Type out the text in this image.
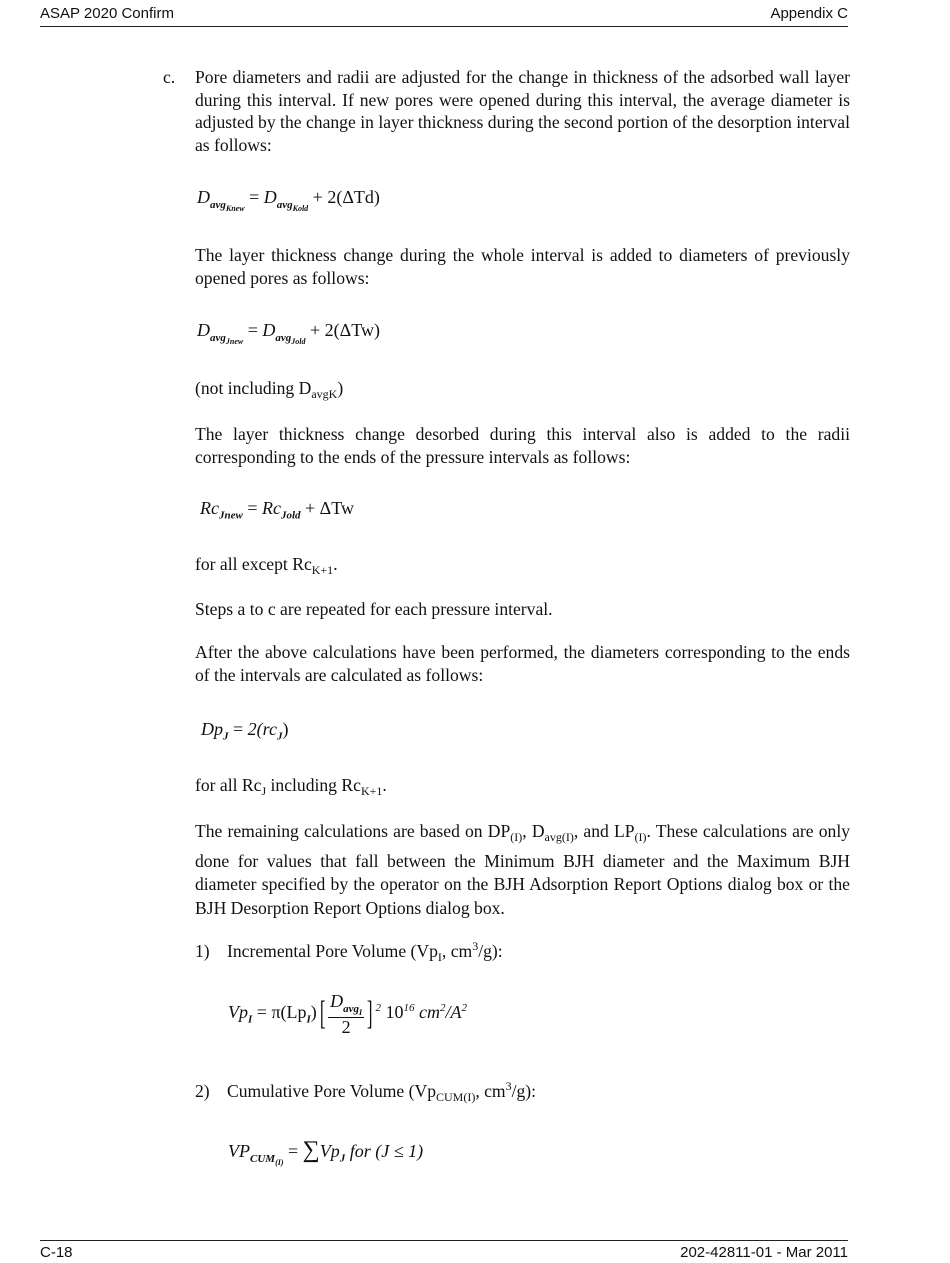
ASAP 2020 Confirm	Appendix C
c. Pore diameters and radii are adjusted for the change in thickness of the adsorbed wall layer during this interval. If new pores were opened during this interval, the average diameter is adjusted by the change in layer thickness during the second portion of the desorption interval as follows:
$D_{avg_{Knew}} = D_{avg_{Kold}} + 2(\Delta Td)$
The layer thickness change during the whole interval is added to diameters of previously opened pores as follows:
$D_{avg_{Jnew}} = D_{avg_{Jold}} + 2(\Delta Tw)$
(not including $D_{avgK}$)
The layer thickness change desorbed during this interval also is added to the radii corresponding to the ends of the pressure intervals as follows:
$Rc_{Jnew} = Rc_{Jold} + \Delta Tw$
for all except $Rc_{K+1}$.
Steps a to c are repeated for each pressure interval.
After the above calculations have been performed, the diameters corresponding to the ends of the intervals are calculated as follows:
$Dp_J = 2(rc_J)$
for all $Rc_J$ including $Rc_{K+1}$.
The remaining calculations are based on $DP_{(I)}$, $D_{avg(I)}$, and $LP_{(I)}$. These calculations are only done for values that fall between the Minimum BJH diameter and the Maximum BJH diameter specified by the operator on the BJH Adsorption Report Options dialog box or the BJH Desorption Report Options dialog box.
1) Incremental Pore Volume ($Vp_I$, $cm^3/g$):
$Vp_I = \pi(Lp_I)[ \frac{D_{avg_I}}{2}$ ] $^2$ $10^{16}$ $cm^2/A^2$
2) Cumulative Pore Volume ($Vp_{CUM(I)}$, $cm^3/g$):
$VP_{CUM_{(I)}} = \sum Vp_J$ for (J ≤ 1)
C-18	202-42811-01 - Mar 2011
